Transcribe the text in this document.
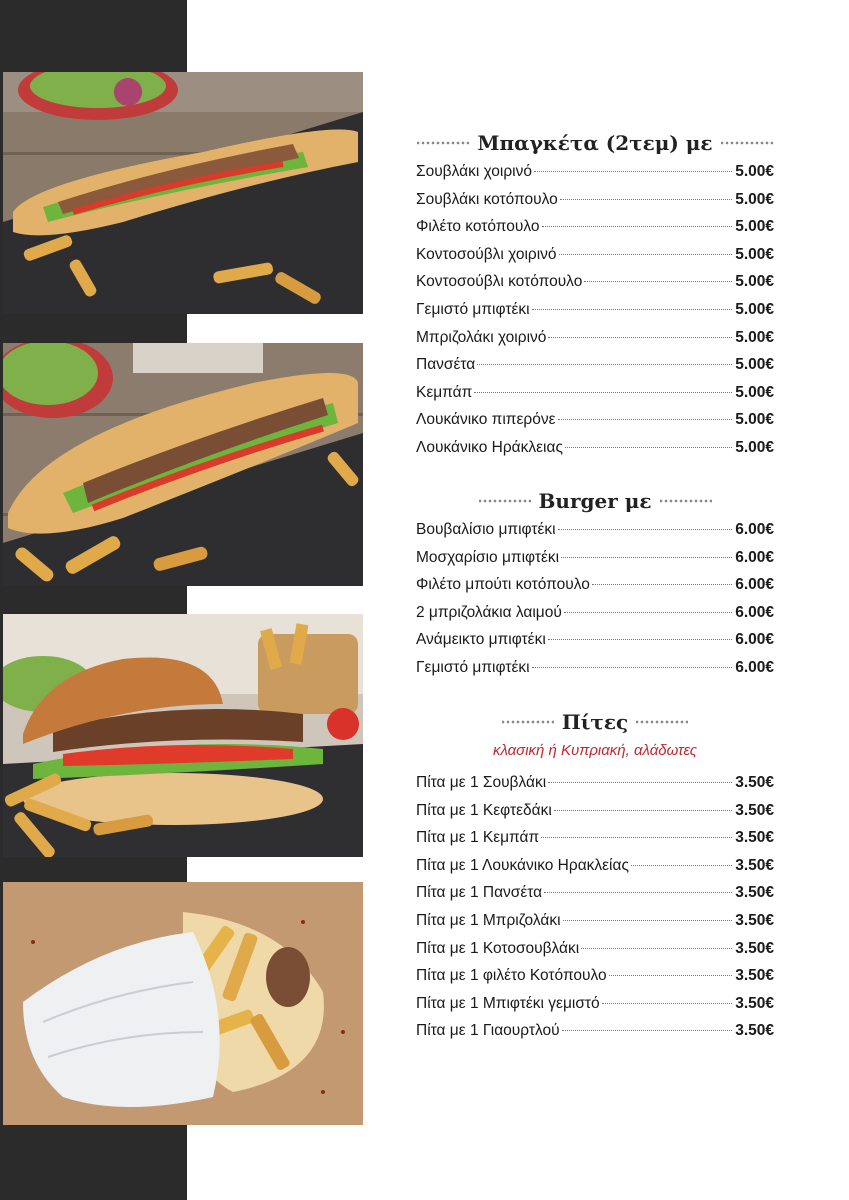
Μπαγκέτα (2τεμ) με
Σουβλάκι χοιρινό	5.00€
Σουβλάκι κοτόπουλο	5.00€
Φιλέτο κοτόπουλο	5.00€
Κοντοσούβλι χοιρινό	5.00€
Κοντοσούβλι κοτόπουλο	5.00€
Γεμιστό μπιφτέκι	5.00€
Μπριζολάκι χοιρινό	5.00€
Πανσέτα	5.00€
Κεμπάπ	5.00€
Λουκάνικο πιπερόνε	5.00€
Λουκάνικο Ηράκλειας	5.00€
Burger με
Βουβαλίσιο μπιφτέκι	6.00€
Μοσχαρίσιο μπιφτέκι	6.00€
Φιλέτο μπούτι κοτόπουλο	6.00€
2 μπριζολάκια λαιμού	6.00€
Ανάμεικτο μπιφτέκι	6.00€
Γεμιστό μπιφτέκι	6.00€
Πίτες
κλασική ή Κυπριακή, αλάδωτες
Πίτα με 1 Σουβλάκι	3.50€
Πίτα με 1 Κεφτεδάκι	3.50€
Πίτα με 1 Κεμπάπ	3.50€
Πίτα με 1 Λουκάνικο Ηρακλείας	3.50€
Πίτα με 1 Πανσέτα	3.50€
Πίτα με 1 Μπριζολάκι	3.50€
Πίτα με 1 Κοτοσουβλάκι	3.50€
Πίτα με 1 φιλέτο Κοτόπουλο	3.50€
Πίτα με 1 Μπιφτέκι γεμιστό	3.50€
Πίτα με 1 Γιαουρτλού	3.50€
